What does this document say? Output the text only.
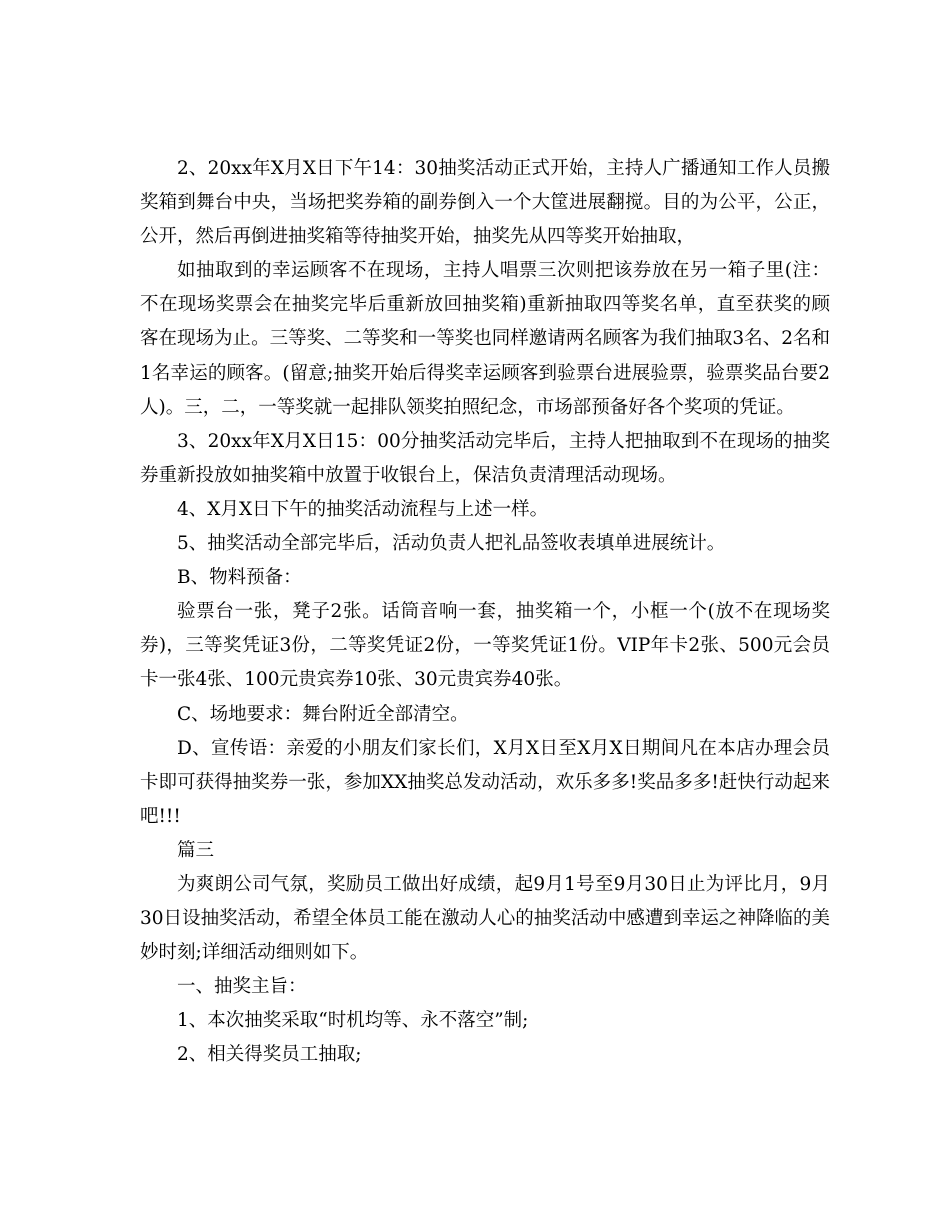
2、20xx年X月X日下午14：30抽奖活动正式开始，主持人广播通知工作人员搬奖箱到舞台中央，当场把奖券箱的副券倒入一个大筐进展翻搅。目的为公平，公正，公开，然后再倒进抽奖箱等待抽奖开始，抽奖先从四等奖开始抽取，

如抽取到的幸运顾客不在现场，主持人唱票三次则把该券放在另一箱子里(注：不在现场奖票会在抽奖完毕后重新放回抽奖箱)重新抽取四等奖名单，直至获奖的顾客在现场为止。三等奖、二等奖和一等奖也同样邀请两名顾客为我们抽取3名、2名和1名幸运的顾客。(留意;抽奖开始后得奖幸运顾客到验票台进展验票，验票奖品台要2人)。三，二，一等奖就一起排队领奖拍照纪念，市场部预备好各个奖项的凭证。

3、20xx年X月X日15：00分抽奖活动完毕后，主持人把抽取到不在现场的抽奖券重新投放如抽奖箱中放置于收银台上，保洁负责清理活动现场。

4、X月X日下午的抽奖活动流程与上述一样。

5、抽奖活动全部完毕后，活动负责人把礼品签收表填单进展统计。

B、物料预备：

验票台一张，凳子2张。话筒音响一套，抽奖箱一个，小框一个(放不在现场奖券)，三等奖凭证3份，二等奖凭证2份，一等奖凭证1份。VIP年卡2张、500元会员卡一张4张、100元贵宾券10张、30元贵宾券40张。

C、场地要求：舞台附近全部清空。

D、宣传语：亲爱的小朋友们家长们，X月X日至X月X日期间凡在本店办理会员卡即可获得抽奖券一张，参加XX抽奖总发动活动，欢乐多多!奖品多多!赶快行动起来吧!!!

篇三

为爽朗公司气氛，奖励员工做出好成绩，起9月1号至9月30日止为评比月，9月30日设抽奖活动，希望全体员工能在激动人心的抽奖活动中感遭到幸运之神降临的美妙时刻;详细活动细则如下。

一、抽奖主旨：

1、本次抽奖采取“时机均等、永不落空”制;

2、相关得奖员工抽取;
